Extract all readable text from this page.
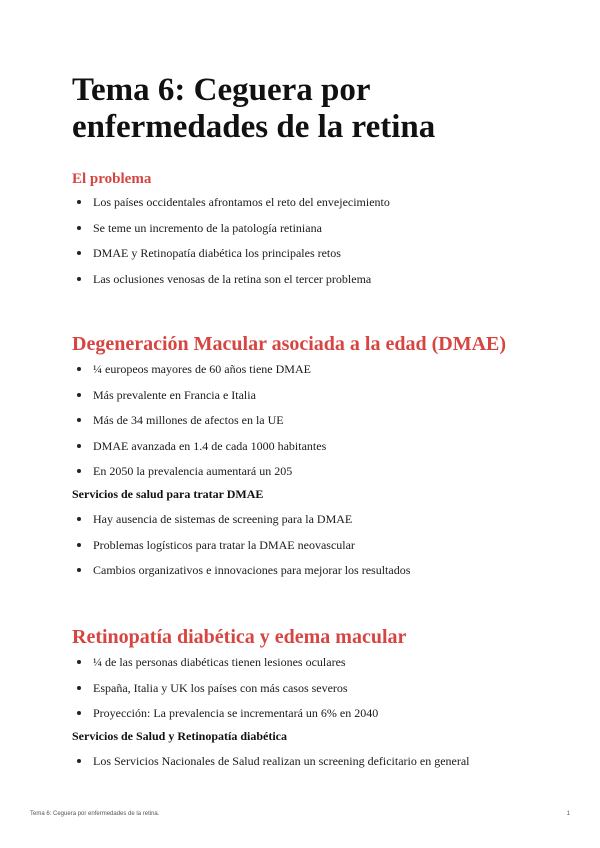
Tema 6: Ceguera por enfermedades de la retina
El problema
Los países occidentales afrontamos el reto del envejecimiento
Se teme un incremento de la patología retiniana
DMAE y Retinopatía diabética los principales retos
Las oclusiones venosas de la retina son el tercer problema
Degeneración Macular asociada a la edad (DMAE)
¼ europeos mayores de 60 años tiene DMAE
Más prevalente en Francia e Italia
Más de 34 millones de afectos en la UE
DMAE avanzada en 1.4 de cada 1000 habitantes
En 2050 la prevalencia aumentará un 205
Servicios de salud para tratar DMAE
Hay ausencia de sistemas de screening para la DMAE
Problemas logísticos para tratar la DMAE neovascular
Cambios organizativos e innovaciones para mejorar los resultados
Retinopatía diabética y edema macular
¼ de las personas diabéticas tienen lesiones oculares
España, Italia y UK los países con más casos severos
Proyección: La prevalencia se incrementará un 6% en 2040
Servicios de Salud y Retinopatía diabética
Los Servicios Nacionales de Salud realizan un screening deficitario en general
Tema 6: Ceguera por enfermedades de la retina.	1
